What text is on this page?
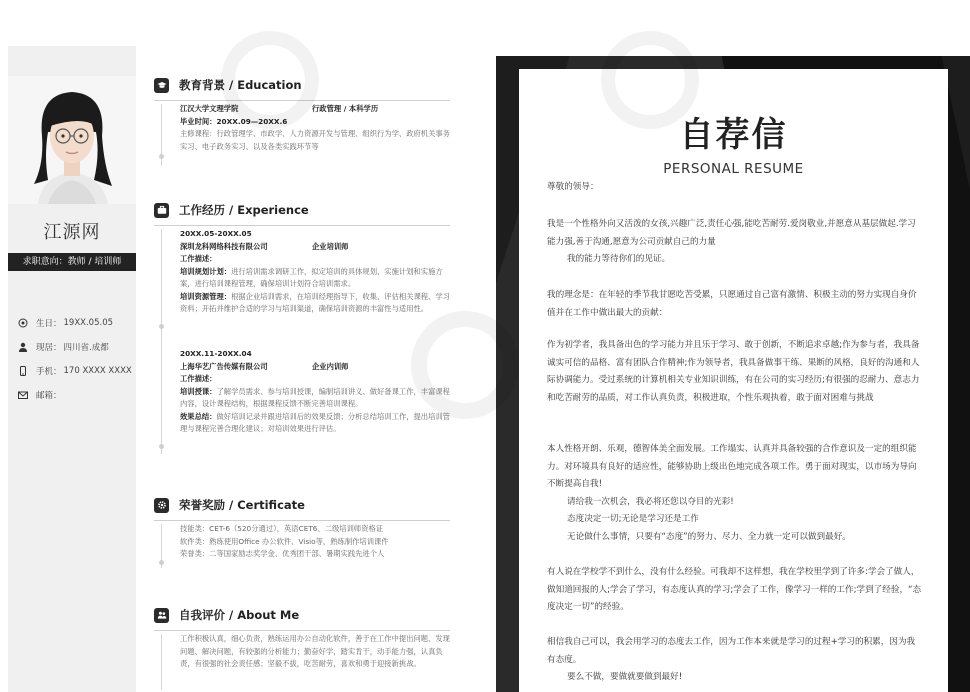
江源网
求职意向：教师 / 培训师
生日： 19XX.05.05
现居： 四川省.成都
手机： 170 XXXX XXXX
邮箱：
教育背景 / Education
江汉大学文理学院	行政管理 / 本科学历
毕业时间：20XX.09—20XX.6
主修课程：行政管理学、市政学、人力资源开发与管理、组织行为学、政府机关事务实习、电子政务实习、以及各类实践环节等
工作经历 / Experience
20XX.05-20XX.05
深圳龙科网络科技有限公司	企业培训师
工作描述：
培训规划计划：进行培训需求调研工作，拟定培训的具体规划、实施计划和实施方案，进行培训课程管理，确保培训计划符合培训需求。
培训资源管理：根据企业培训需求，在培训经理指导下，收集、评估相关课程、学习资料；开拓并维护合适的学习与培训渠道，确保培训资源的丰富性与适用性。
20XX.11-20XX.04
上海华艺广告传媒有限公司	企业内训师
工作描述：
培训授课：了解学员需求、参与培训授课，编制培训讲义、做好备课工作，丰富课程内容，设计课程结构，根据课程反馈不断完善培训课程。
效果总结：做好培训记录并跟进培训后的效果反馈；分析总结培训工作，提出培训管理与课程完善合理化建议；对培训效果进行评估。
荣誉奖励 / Certificate
技能类：CET-6（520分通过），英语CET6、二级培训师资格证
软件类：熟练使用Office 办公软件、Visio等，熟练制作培训课件
荣誉类：二等国家励志奖学金、优秀团干部、暑期实践先进个人
自我评价 / About Me
工作积极认真，细心负责，熟练运用办公自动化软件，善于在工作中提出问题、发现问题、解决问题，有较强的分析能力；勤奋好学，踏实肯干，动手能力强，认真负责，有很强的社会责任感；坚毅不拔，吃苦耐劳，喜欢和勇于迎接新挑战。
自荐信
PERSONAL RESUME
尊敬的领导：
我是一个性格外向又活泼的女孩,兴趣广泛,责任心强,能吃苦耐劳.爱岗敬业,并愿意从基层做起.学习能力强,善于沟通,愿意为公司贡献自己的力量
我的能力等待你们的见证。
我的理念是：在年轻的季节我甘愿吃苦受累，只愿通过自己富有激情、积极主动的努力实现自身价值并在工作中做出最大的贡献：
作为初学者，我具备出色的学习能力并且乐于学习、敢于创新，不断追求卓越;作为参与者，我具备诚实可信的品格、富有团队合作精神;作为领导者，我具备做事干练、果断的风格，良好的沟通和人际协调能力。受过系统的计算机相关专业知识训练，有在公司的实习经历;有很强的忍耐力、意志力和吃苦耐劳的品质，对工作认真负责，积极进取，个性乐观执着，敢于面对困难与挑战
本人性格开朗、乐观，德智体美全面发展。工作塌实、认真并具备较强的合作意识及一定的组织能力。对环境具有良好的适应性，能够协助上级出色地完成各项工作。勇于面对现实，以市场为导向不断提高自我!
请给我一次机会，我必将还您以夺目的光彩!
态度决定一切;无论是学习还是工作
无论做什么事情，只要有“态度”的努力、尽力、全力就一定可以做到最好。
有人说在学校学不到什么，没有什么经验。可我却不这样想，我在学校里学到了许多:学会了做人，做知道回报的人;学会了学习，有态度认真的学习;学会了工作，像学习一样的工作;学到了经验，“态度决定一切”的经验。
相信我自己可以，我会用学习的态度去工作，因为工作本来就是学习的过程+学习的积累，因为我有态度。
要么不做，要做就要做到最好!
